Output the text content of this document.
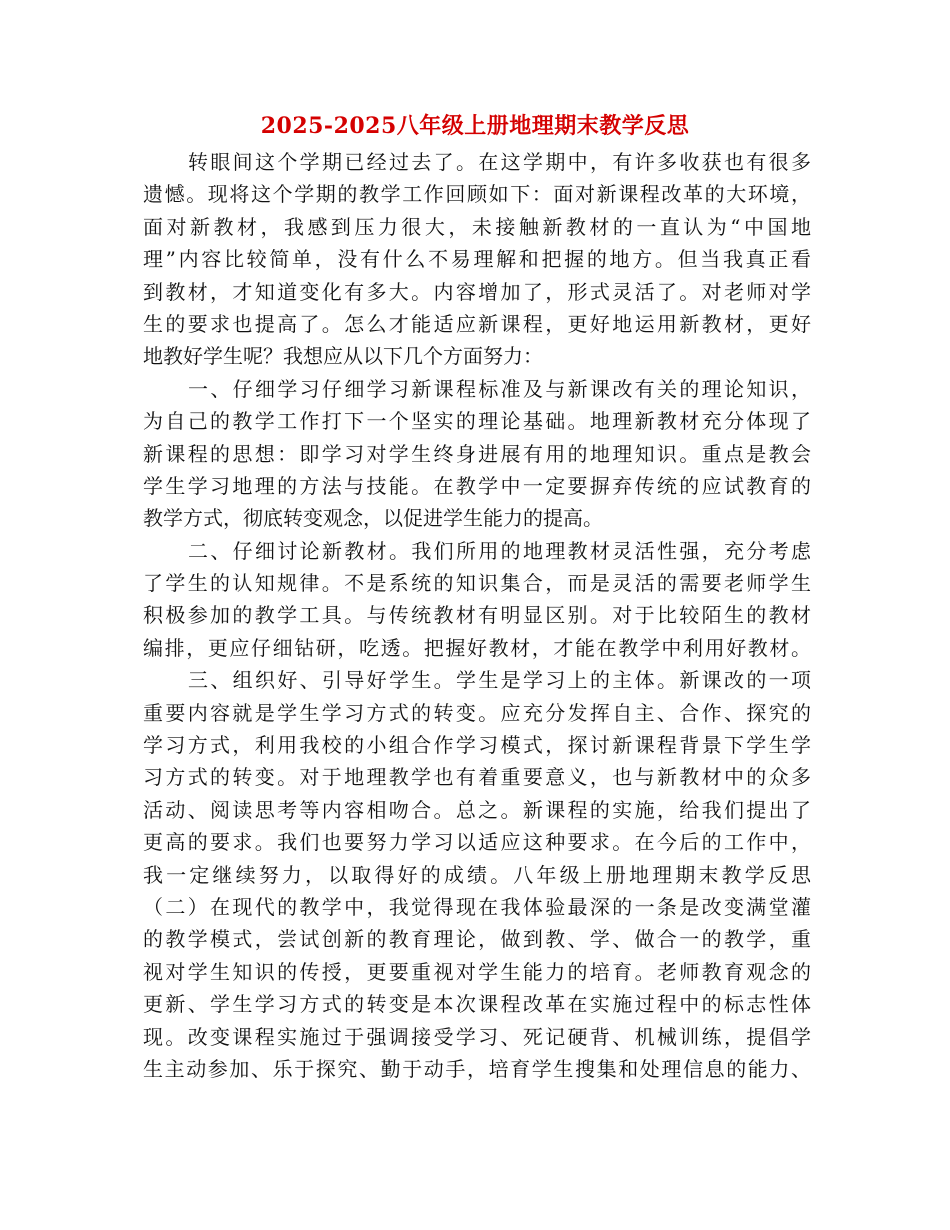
2025-2025八年级上册地理期末教学反思
转眼间这个学期已经过去了。在这学期中，有许多收获也有很多
遗憾。现将这个学期的教学工作回顾如下：面对新课程改革的大环境，
面对新教材，我感到压力很大，未接触新教材的一直认为“中国地
理”内容比较简单，没有什么不易理解和把握的地方。但当我真正看
到教材，才知道变化有多大。内容增加了，形式灵活了。对老师对学
生的要求也提高了。怎么才能适应新课程，更好地运用新教材，更好
地教好学生呢？我想应从以下几个方面努力：
一、仔细学习仔细学习新课程标准及与新课改有关的理论知识，
为自己的教学工作打下一个坚实的理论基础。地理新教材充分体现了
新课程的思想：即学习对学生终身进展有用的地理知识。重点是教会
学生学习地理的方法与技能。在教学中一定要摒弃传统的应试教育的
教学方式，彻底转变观念，以促进学生能力的提高。
二、仔细讨论新教材。我们所用的地理教材灵活性强，充分考虑
了学生的认知规律。不是系统的知识集合，而是灵活的需要老师学生
积极参加的教学工具。与传统教材有明显区别。对于比较陌生的教材
编排，更应仔细钻研，吃透。把握好教材，才能在教学中利用好教材。
三、组织好、引导好学生。学生是学习上的主体。新课改的一项
重要内容就是学生学习方式的转变。应充分发挥自主、合作、探究的
学习方式，利用我校的小组合作学习模式，探讨新课程背景下学生学
习方式的转变。对于地理教学也有着重要意义，也与新教材中的众多
活动、阅读思考等内容相吻合。总之。新课程的实施，给我们提出了
更高的要求。我们也要努力学习以适应这种要求。在今后的工作中，
我一定继续努力，以取得好的成绩。八年级上册地理期末教学反思
（二）在现代的教学中，我觉得现在我体验最深的一条是改变满堂灌
的教学模式，尝试创新的教育理论，做到教、学、做合一的教学，重
视对学生知识的传授，更要重视对学生能力的培育。老师教育观念的
更新、学生学习方式的转变是本次课程改革在实施过程中的标志性体
现。改变课程实施过于强调接受学习、死记硬背、机械训练，提倡学
生主动参加、乐于探究、勤于动手，培育学生搜集和处理信息的能力、
